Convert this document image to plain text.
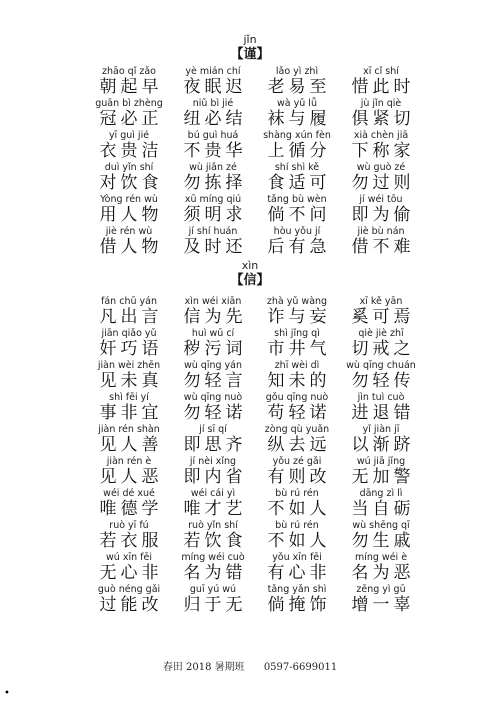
jǐn
【谨】
zhāo qǐ zǎo
朝起早
yè mián chí
夜眠迟
lǎo yì zhì
老易至
xī cǐ shí
惜此时
guān bì zhèng
冠必正
niǔ bì jié
纽必结
wà yǔ lǚ
袜与履
jù jǐn qiè
俱紧切
yī guì jié
衣贵洁
bú guì huá
不贵华
shàng xún fèn
上循分
xià chèn jiā
下称家
duì yǐn shí
对饮食
wù jiǎn zé
勿拣择
shí shì kě
食适可
wù guò zé
勿过则
Yòng rén wù
用人物
xū míng qiú
须明求
tǎng bù wèn
倘不问
jí wéi tōu
即为偷
jiè rén wù
借人物
jí shí huán
及时还
hòu yǒu jí
后有急
jiè bù nán
借不难
xìn
【信】
fán chū yán
凡出言
xìn wéi xiān
信为先
zhà yǔ wàng
诈与妄
xī kě yān
奚可焉
jiān qiǎo yǔ
奸巧语
huì wū cí
秽污词
shì jǐng qì
市井气
qiè jiè zhī
切戒之
jiàn wèi zhēn
见未真
wù qīng yán
勿轻言
zhī wèi dì
知未的
wù qīng chuán
勿轻传
shì fēi yí
事非宜
wù qīng nuò
勿轻诺
gǒu qīng nuò
苟轻诺
jìn tuì cuò
进退错
jiàn rén shàn
见人善
jí sī qí
即思齐
zòng qù yuǎn
纵去远
yǐ jiàn jī
以渐跻
jiàn rén è
见人恶
jí nèi xǐng
即内省
yǒu zé gǎi
有则改
wú jiā jǐng
无加警
wéi dé xué
唯德学
wéi cái yì
唯才艺
bù rú rén
不如人
dāng zì lì
当自砺
ruò yī fú
若衣服
ruò yǐn shí
若饮食
bù rú rén
不如人
wù shēng qī
勿生戚
wú xīn fēi
无心非
míng wéi cuò
名为错
yǒu xīn fēi
有心非
míng wéi è
名为恶
guò néng gǎi
过能改
guī yú wú
归于无
tǎng yǎn shì
倘掩饰
zēng yì gū
增一辜
春田 2018 暑期班 0597-6699011
•
